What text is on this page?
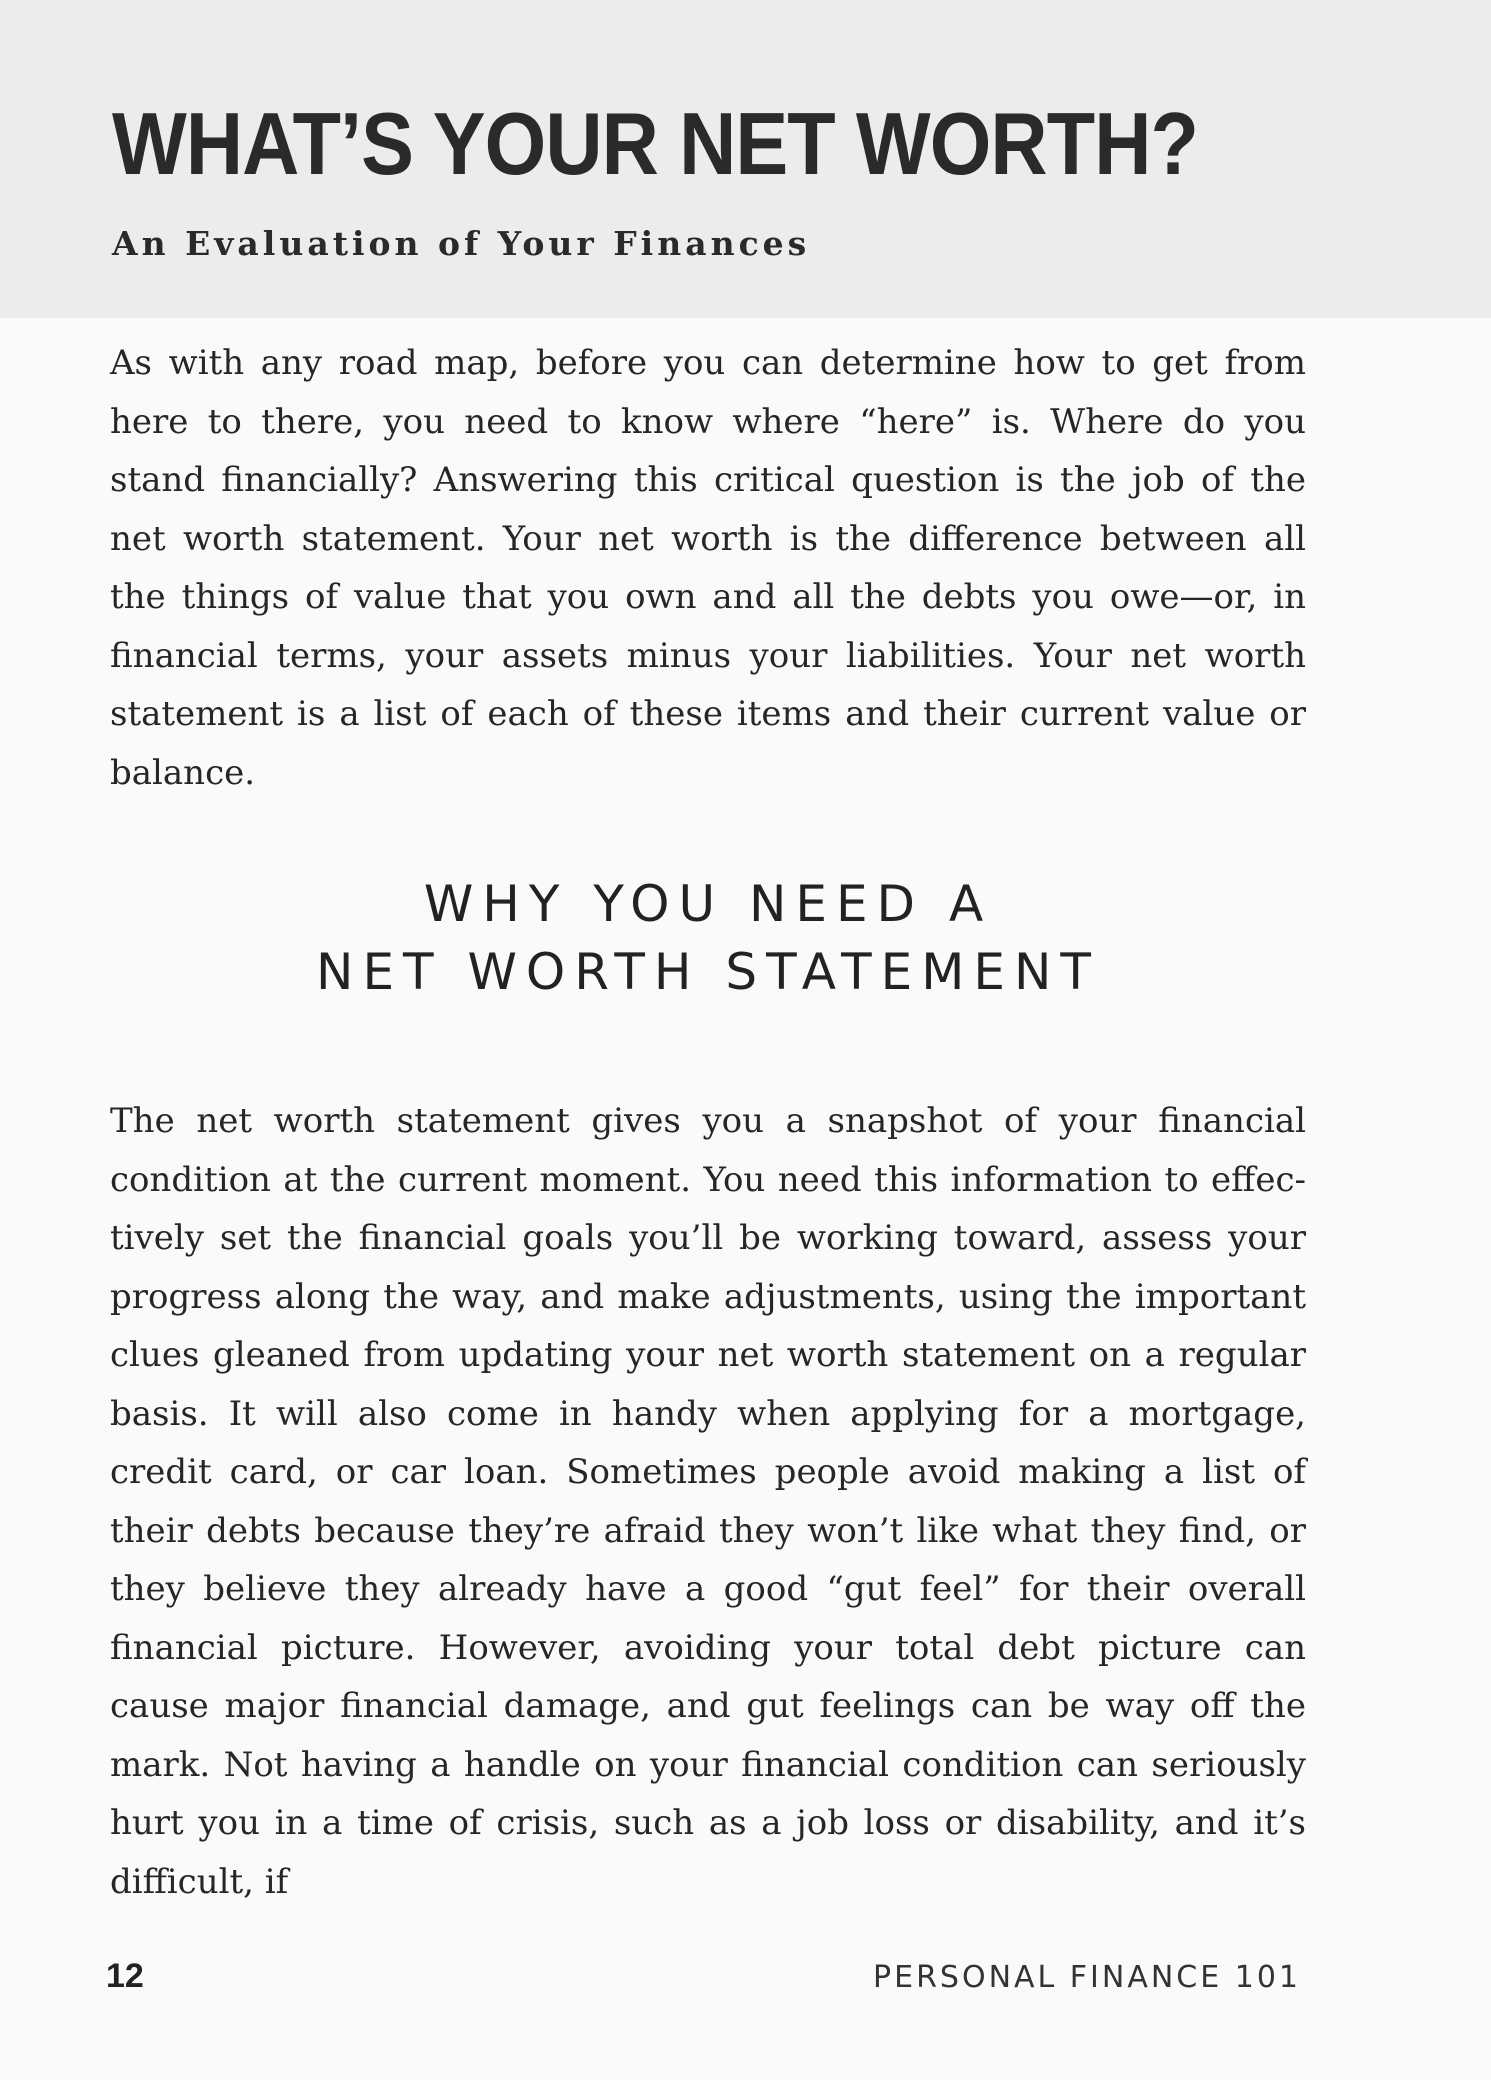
WHAT’S YOUR NET WORTH?

An Evaluation of Your Finances

As with any road map, before you can determine how to get from here to there, you need to know where “here” is. Where do you stand financially? Answering this critical question is the job of the net worth statement. Your net worth is the difference between all the things of value that you own and all the debts you owe—or, in financial terms, your assets minus your liabilities. Your net worth statement is a list of each of these items and their current value or balance.

WHY YOU NEED A
NET WORTH STATEMENT

The net worth statement gives you a snapshot of your financial condition at the current moment. You need this information to effectively set the financial goals you’ll be working toward, assess your progress along the way, and make adjustments, using the important clues gleaned from updating your net worth statement on a regular basis. It will also come in handy when applying for a mortgage, credit card, or car loan. Sometimes people avoid making a list of their debts because they’re afraid they won’t like what they find, or they believe they already have a good “gut feel” for their overall financial picture. However, avoiding your total debt picture can cause major financial damage, and gut feelings can be way off the mark. Not having a handle on your financial condition can seriously hurt you in a time of crisis, such as a job loss or disability, and it’s difficult, if

12	PERSONAL FINANCE 101
